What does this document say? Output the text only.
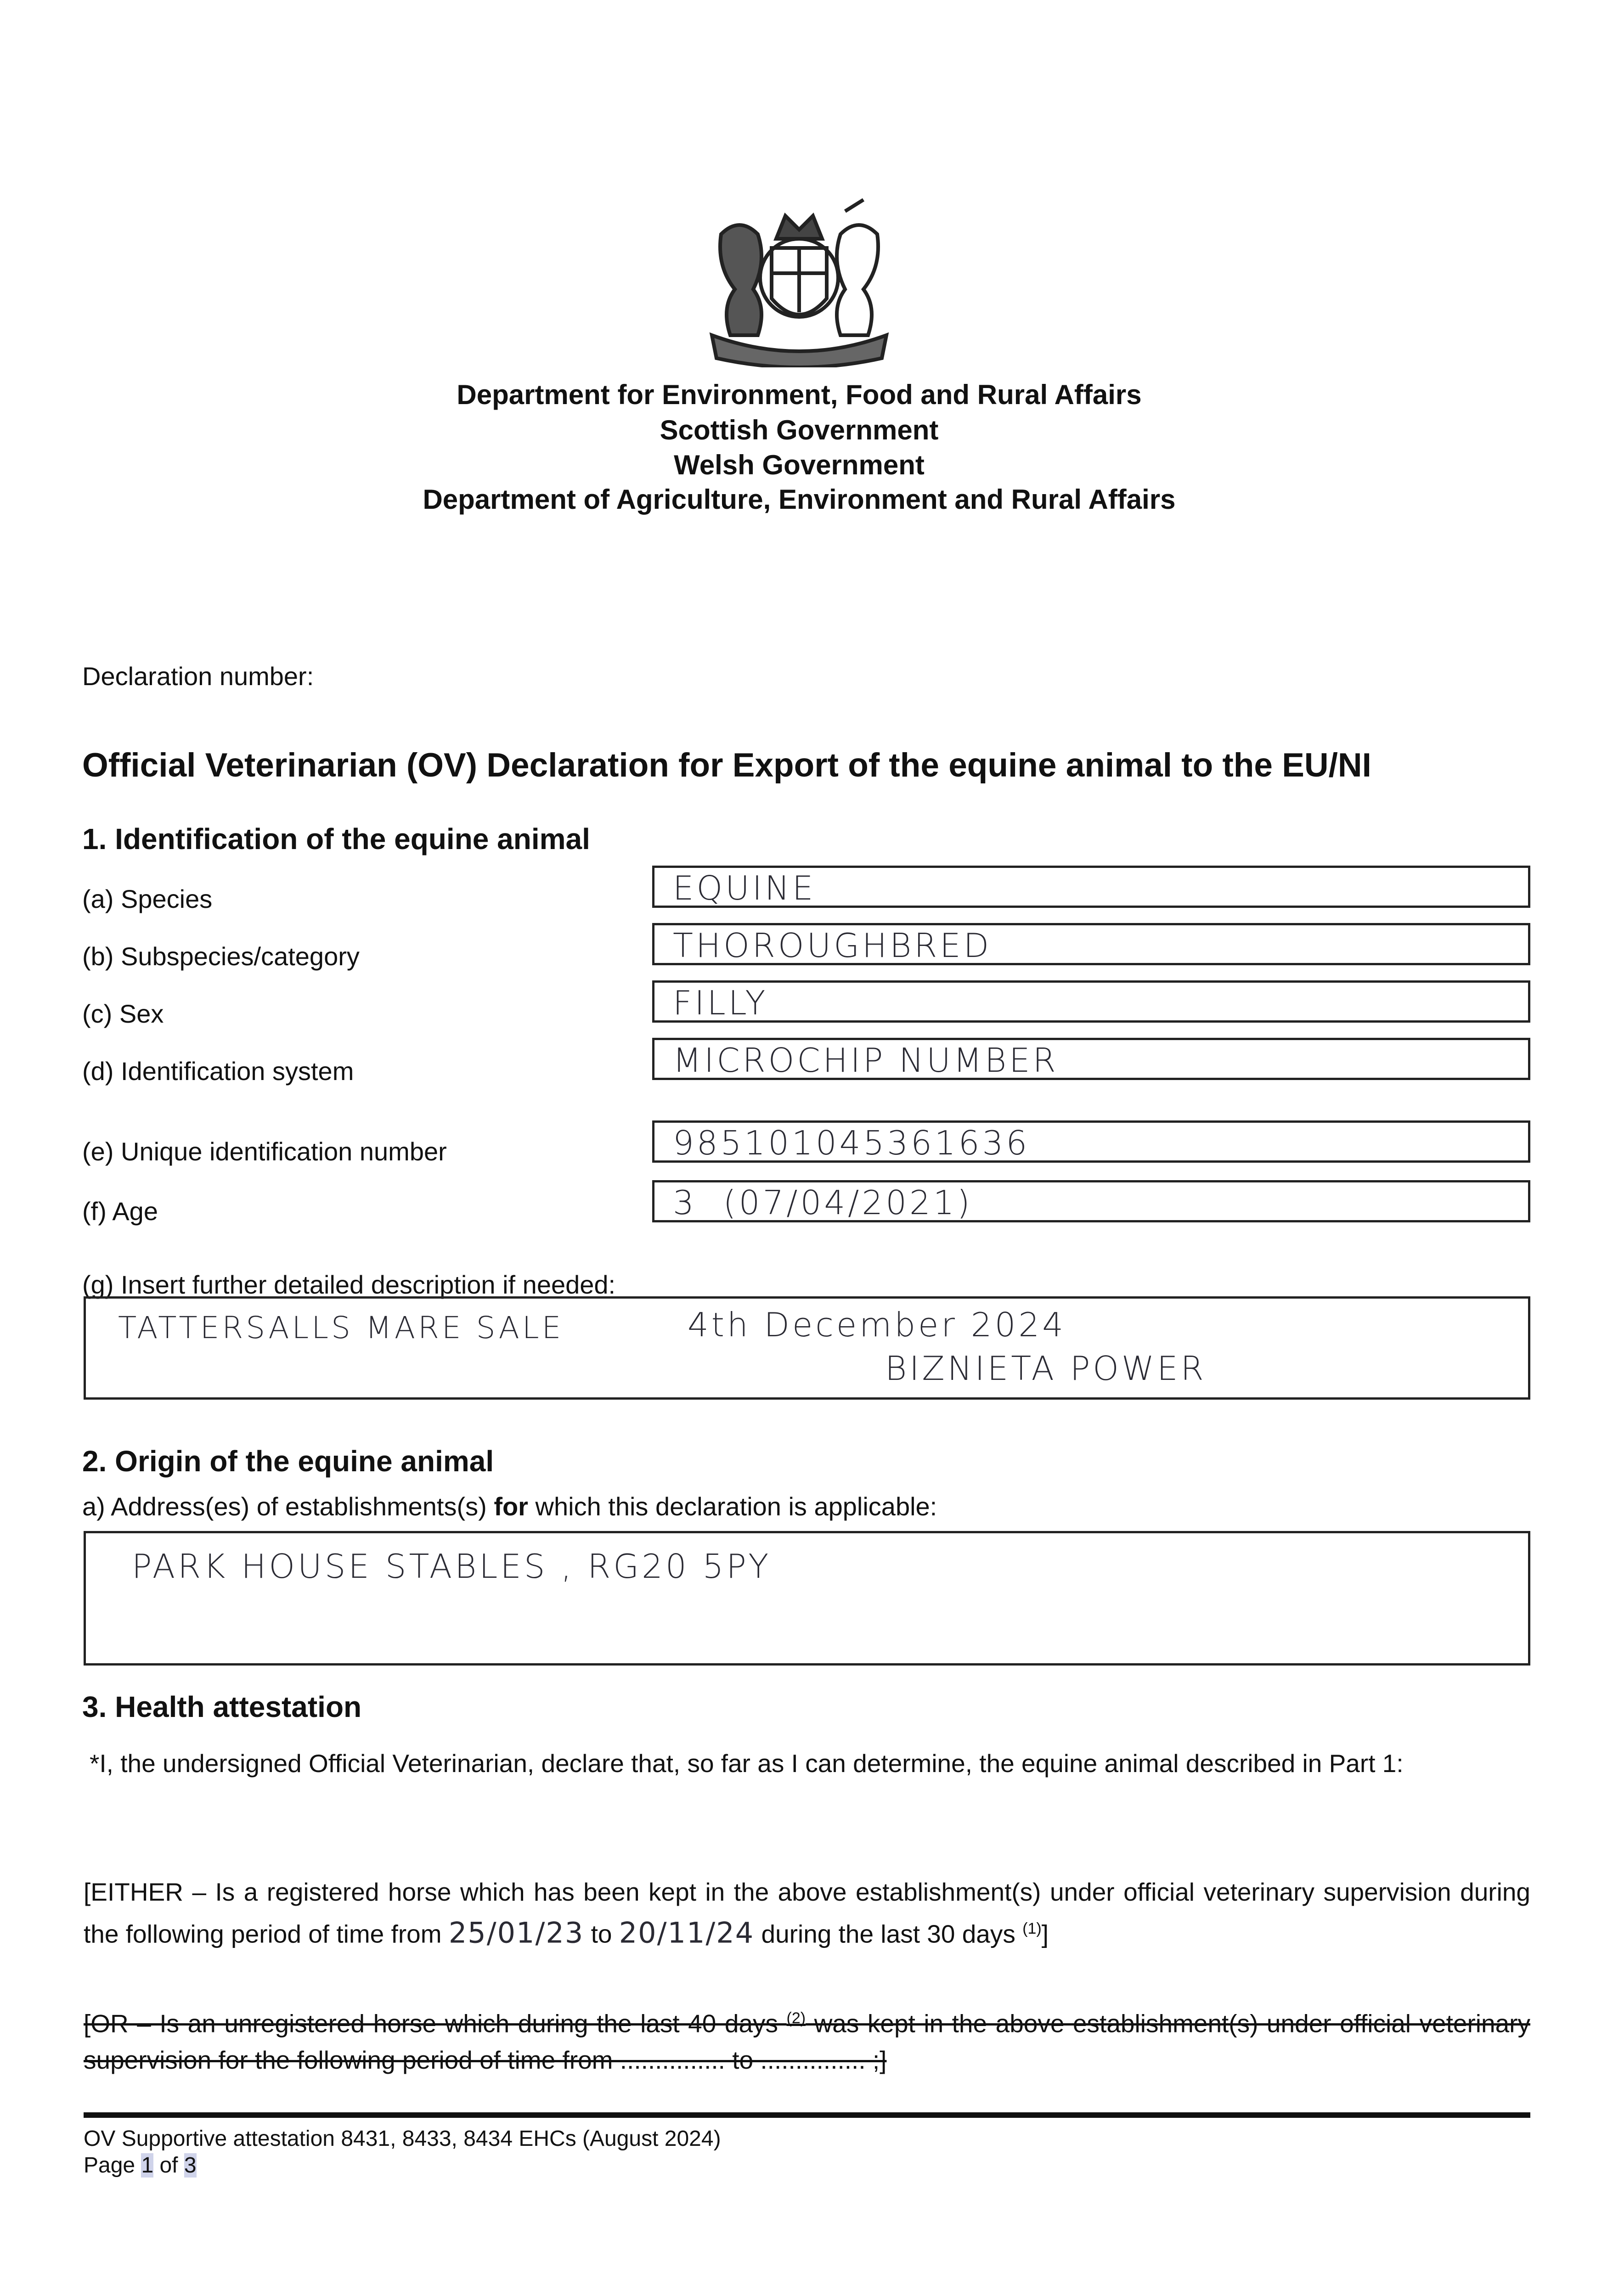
Department for Environment, Food and Rural Affairs
Scottish Government
Welsh Government
Department of Agriculture, Environment and Rural Affairs
Declaration number:
Official Veterinarian (OV) Declaration for Export of the equine animal to the EU/NI
1. Identification of the equine animal
(a) Species	EQUINE
(b) Subspecies/category	THOROUGHBRED
(c) Sex	FILLY
(d) Identification system	MICROCHIP NUMBER
(e) Unique identification number	985101045361636
(f) Age	3  (07/04/2021)
(g) Insert further detailed description if needed:
TATTERSALLS MARE SALE	4th December 2024
BIZNIETA POWER
2. Origin of the equine animal
a) Address(es) of establishments(s) for which this declaration is applicable:
PARK HOUSE STABLES , RG20 5PY
3. Health attestation
*I, the undersigned Official Veterinarian, declare that, so far as I can determine, the equine animal described in Part 1:
[EITHER – Is a registered horse which has been kept in the above establishment(s) under official veterinary supervision during the following period of time from 25/01/23 to 20/11/24 during the last 30 days $^{(1)}$]
[OR – Is an unregistered horse which during the last 40 days $^{(2)}$ was kept in the above establishment(s) under official veterinary supervision for the following period of time from ............... to ............... ;]
OV Supportive attestation 8431, 8433, 8434 EHCs (August 2024)
Page 1 of 3
